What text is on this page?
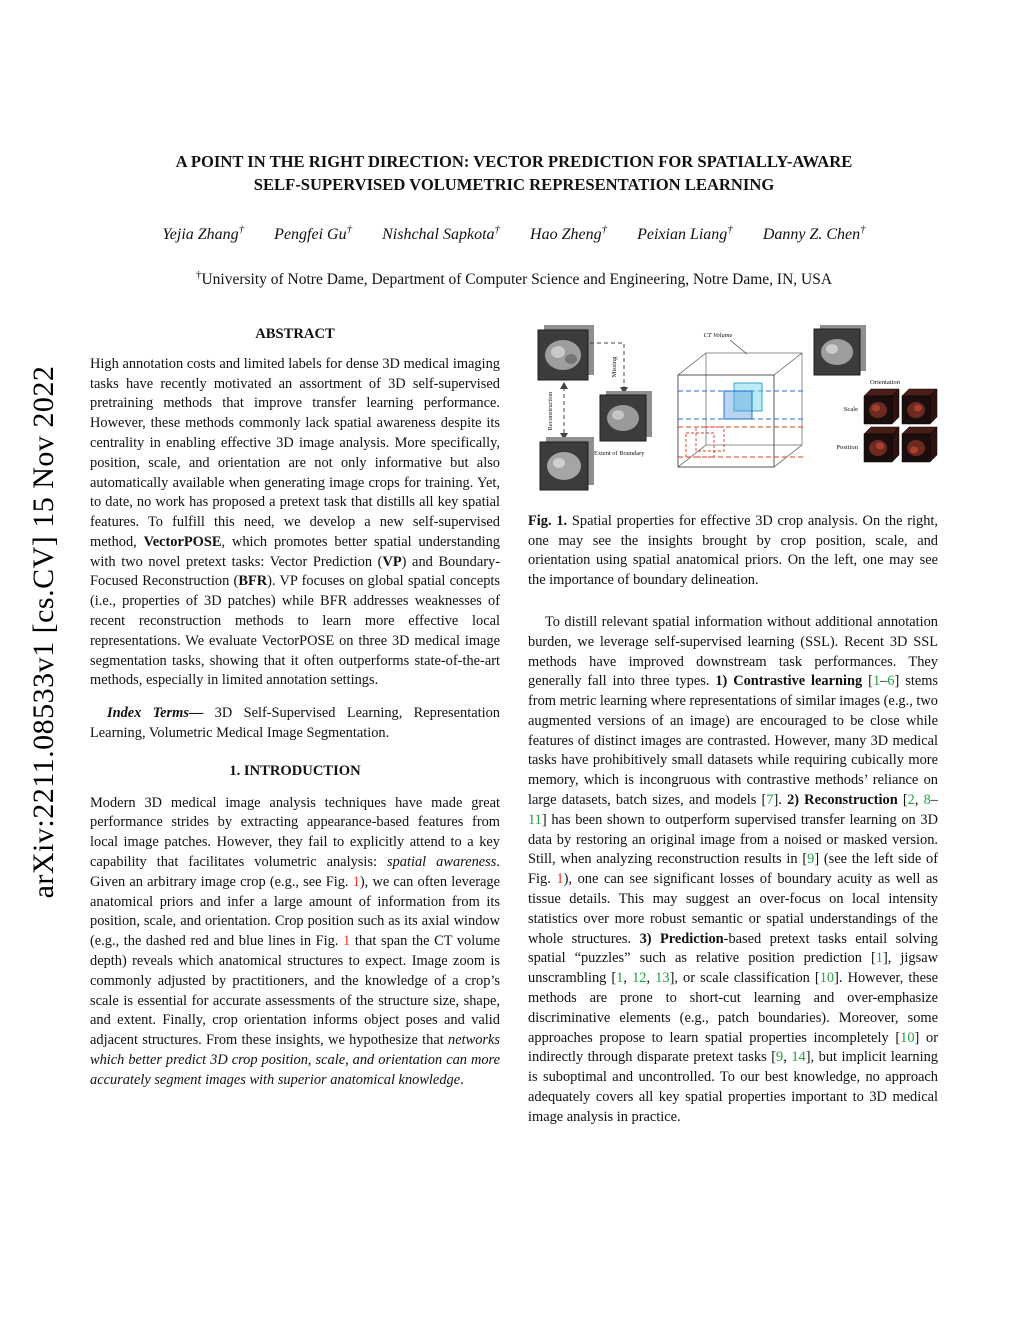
arXiv:2211.08533v1 [cs.CV] 15 Nov 2022
A POINT IN THE RIGHT DIRECTION: VECTOR PREDICTION FOR SPATIALLY-AWARE
SELF-SUPERVISED VOLUMETRIC REPRESENTATION LEARNING
Yejia Zhang† Pengfei Gu† Nishchal Sapkota† Hao Zheng† Peixian Liang† Danny Z. Chen†
†University of Notre Dame, Department of Computer Science and Engineering, Notre Dame, IN, USA
ABSTRACT

High annotation costs and limited labels for dense 3D medical imaging tasks have recently motivated an assortment of 3D self-supervised pretraining methods that improve transfer learning performance. However, these methods commonly lack spatial awareness despite its centrality in enabling effective 3D image analysis. More specifically, position, scale, and orientation are not only informative but also automatically available when generating image crops for training. Yet, to date, no work has proposed a pretext task that distills all key spatial features. To fulfill this need, we develop a new self-supervised method, VectorPOSE, which promotes better spatial understanding with two novel pretext tasks: Vector Prediction (VP) and Boundary-Focused Reconstruction (BFR). VP focuses on global spatial concepts (i.e., properties of 3D patches) while BFR addresses weaknesses of recent reconstruction methods to learn more effective local representations. We evaluate VectorPOSE on three 3D medical image segmentation tasks, showing that it often outperforms state-of-the-art methods, especially in limited annotation settings.

Index Terms— 3D Self-Supervised Learning, Representation Learning, Volumetric Medical Image Segmentation.

1. INTRODUCTION

Modern 3D medical image analysis techniques have made great performance strides by extracting appearance-based features from local image patches. However, they fail to explicitly attend to a key capability that facilitates volumetric analysis: spatial awareness. Given an arbitrary image crop (e.g., see Fig. 1), we can often leverage anatomical priors and infer a large amount of information from its position, scale, and orientation. Crop position such as its axial window (e.g., the dashed red and blue lines in Fig. 1 that span the CT volume depth) reveals which anatomical structures to expect. Image zoom is commonly adjusted by practitioners, and the knowledge of a crop’s scale is essential for accurate assessments of the structure size, shape, and extent. Finally, crop orientation informs object poses and valid adjacent structures. From these insights, we hypothesize that networks which better predict 3D crop position, scale, and orientation can more accurately segment images with superior anatomical knowledge.

Reconstruction
Missing
Extent of Boundary
CT Volume
Orientation
Scale
Position
Fig. 1. Spatial properties for effective 3D crop analysis. On the right, one may see the insights brought by crop position, scale, and orientation using spatial anatomical priors. On the left, one may see the importance of boundary delineation.

To distill relevant spatial information without additional annotation burden, we leverage self-supervised learning (SSL). Recent 3D SSL methods have improved downstream task performances. They generally fall into three types. 1) Contrastive learning [1–6] stems from metric learning where representations of similar images (e.g., two augmented versions of an image) are encouraged to be close while features of distinct images are contrasted. However, many 3D medical tasks have prohibitively small datasets while requiring cubically more memory, which is incongruous with contrastive methods’ reliance on large datasets, batch sizes, and models [7]. 2) Reconstruction [2, 8–11] has been shown to outperform supervised transfer learning on 3D data by restoring an original image from a noised or masked version. Still, when analyzing reconstruction results in [9] (see the left side of Fig. 1), one can see significant losses of boundary acuity as well as tissue details. This may suggest an over-focus on local intensity statistics over more robust semantic or spatial understandings of the whole structures. 3) Prediction-based pretext tasks entail solving spatial “puzzles” such as relative position prediction [1], jigsaw unscrambling [1, 12, 13], or scale classification [10]. However, these methods are prone to short-cut learning and over-emphasize discriminative elements (e.g., patch boundaries). Moreover, some approaches propose to learn spatial properties incompletely [10] or indirectly through disparate pretext tasks [9, 14], but implicit learning is suboptimal and uncontrolled. To our best knowledge, no approach adequately covers all key spatial properties important to 3D medical image analysis in practice.
